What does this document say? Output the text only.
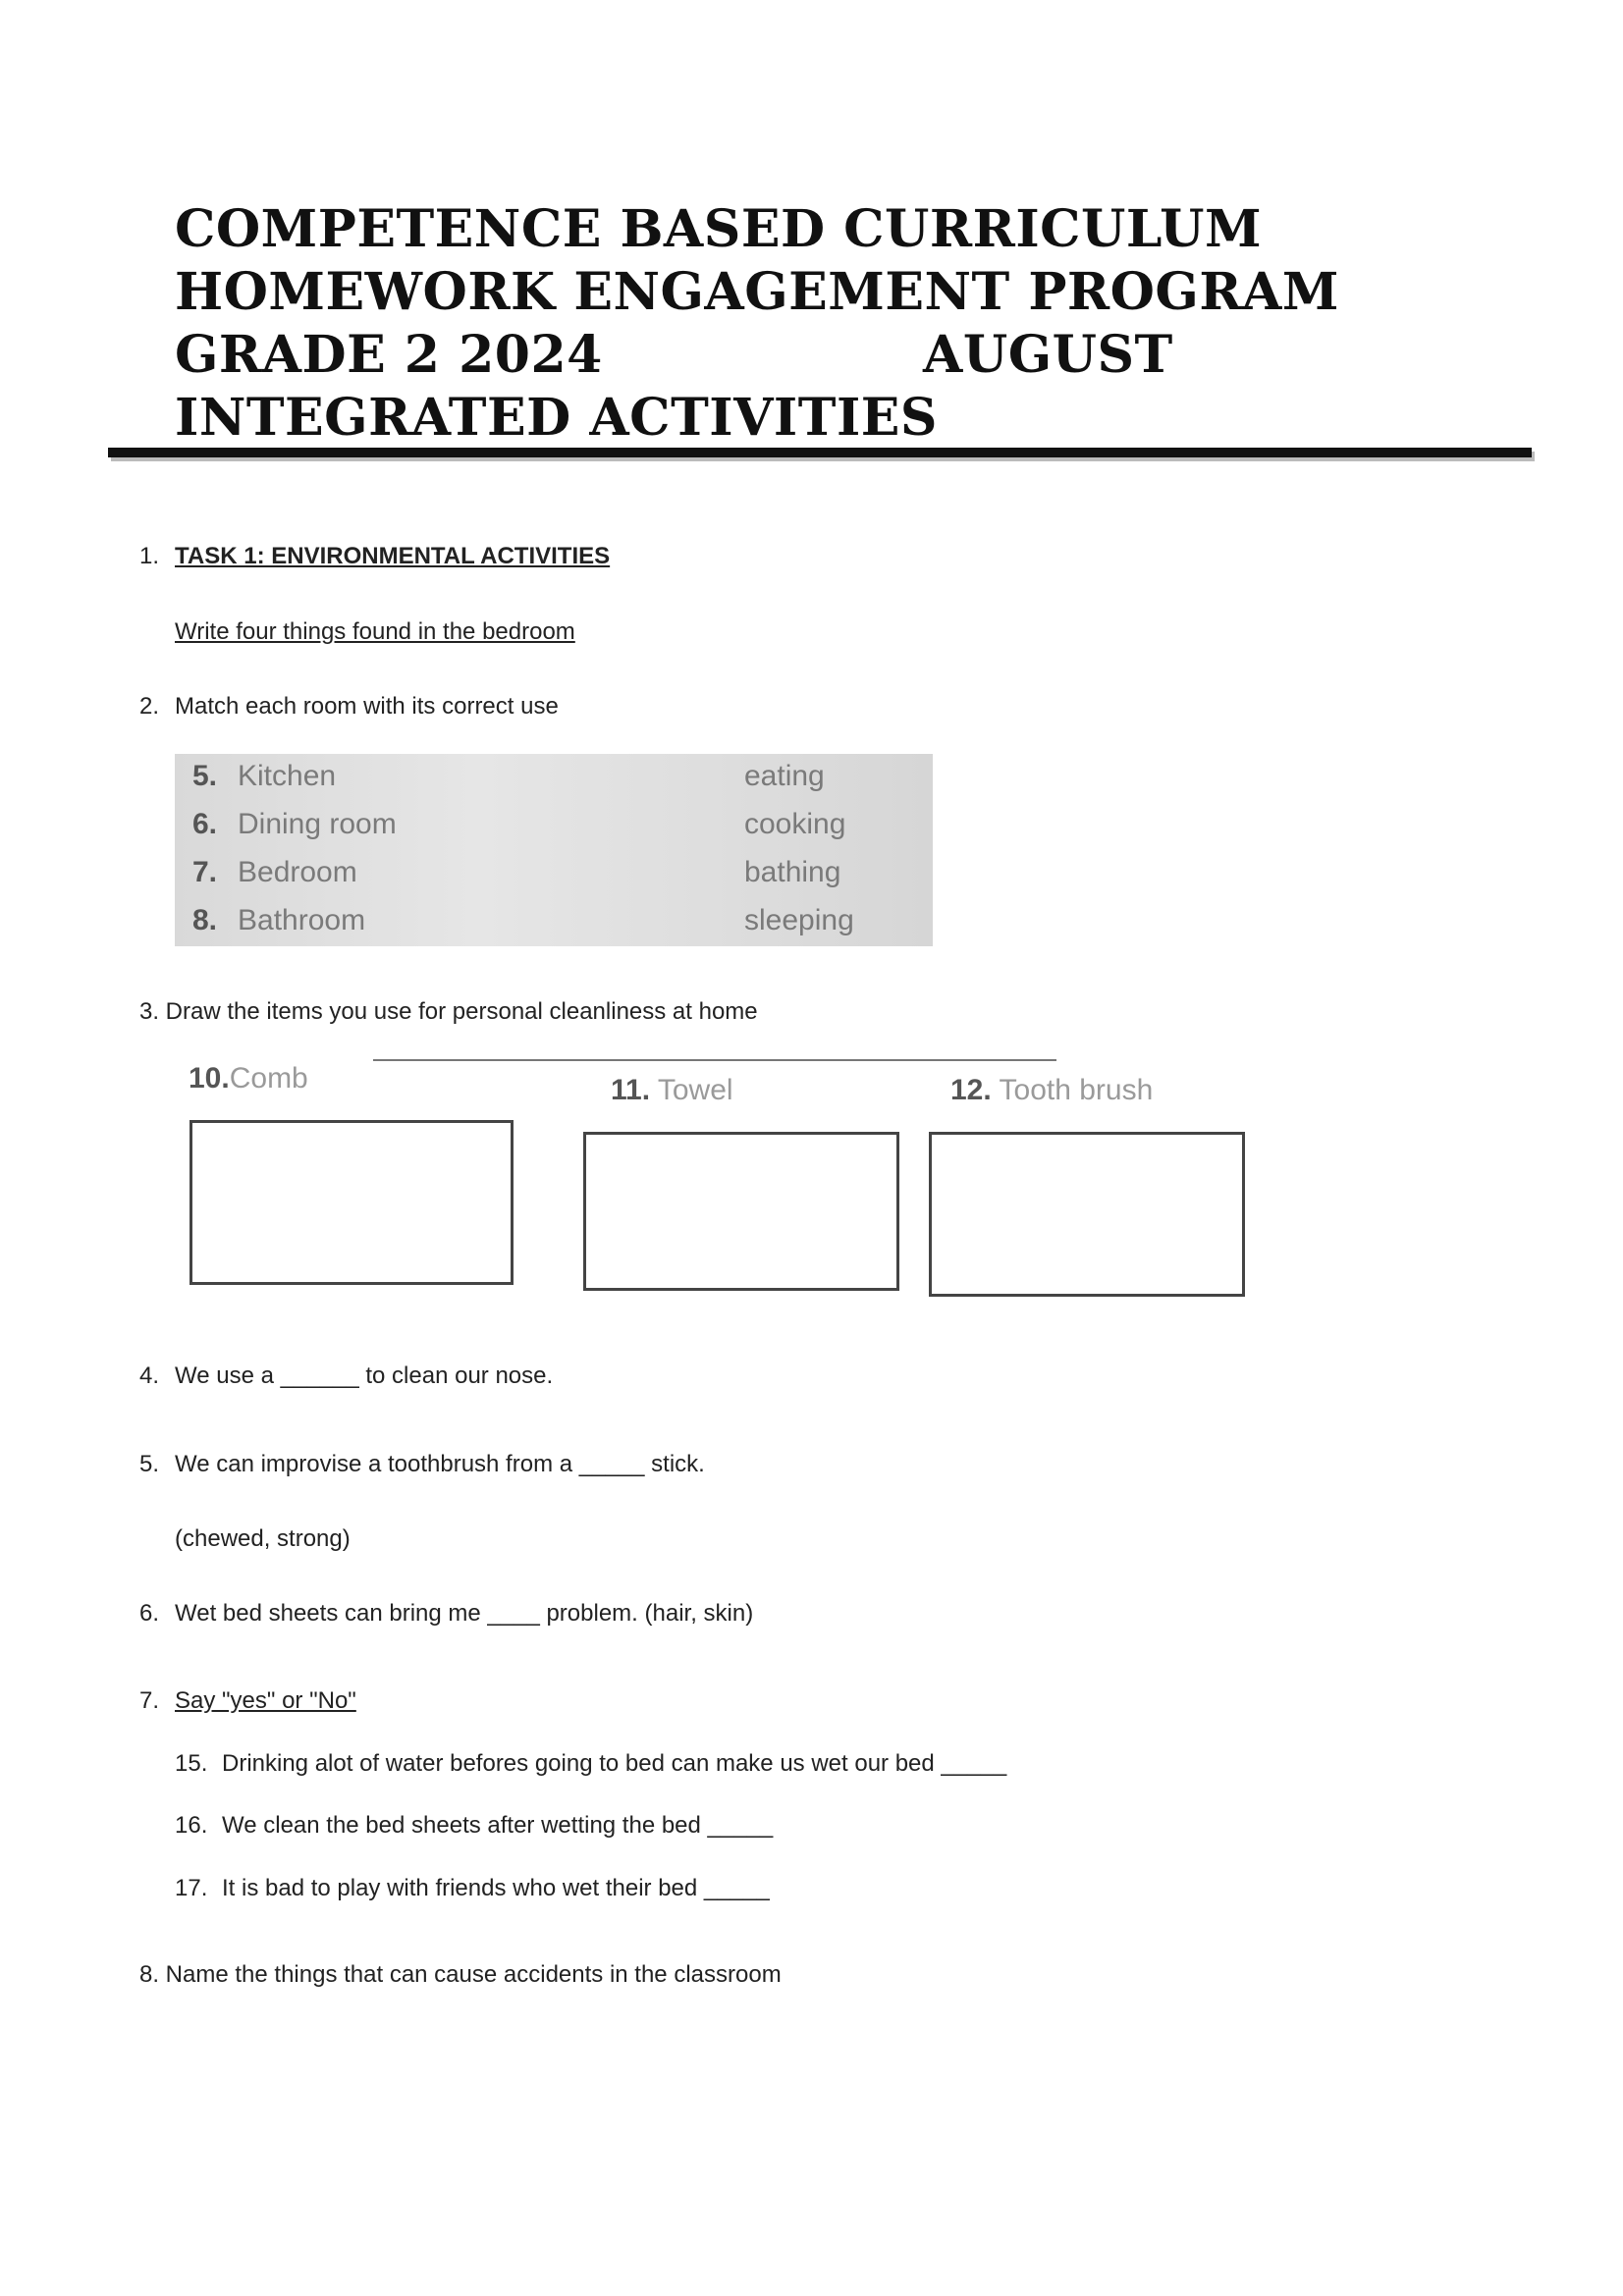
COMPETENCE BASED CURRICULUM
HOMEWORK ENGAGEMENT PROGRAM
GRADE 2 2024	AUGUST
INTEGRATED ACTIVITIES
1. TASK 1: ENVIRONMENTAL ACTIVITIES
Write four things found in the bedroom
2. Match each room with its correct use
5. Kitchen	eating
6. Dining room	cooking
7. Bedroom	bathing
8. Bathroom	sleeping
3. Draw the items you use for personal cleanliness at home
10.Comb	11. Towel	12. Tooth brush
4. We use a ______ to clean our nose.
5. We can improvise a toothbrush from a _____ stick.
(chewed, strong)
6. Wet bed sheets can bring me ____ problem. (hair, skin)
7. Say "yes" or "No"
15. Drinking alot of water befores going to bed can make us wet our bed _____
16. We clean the bed sheets after wetting the bed _____
17. It is bad to play with friends who wet their bed _____
8. Name the things that can cause accidents in the classroom
